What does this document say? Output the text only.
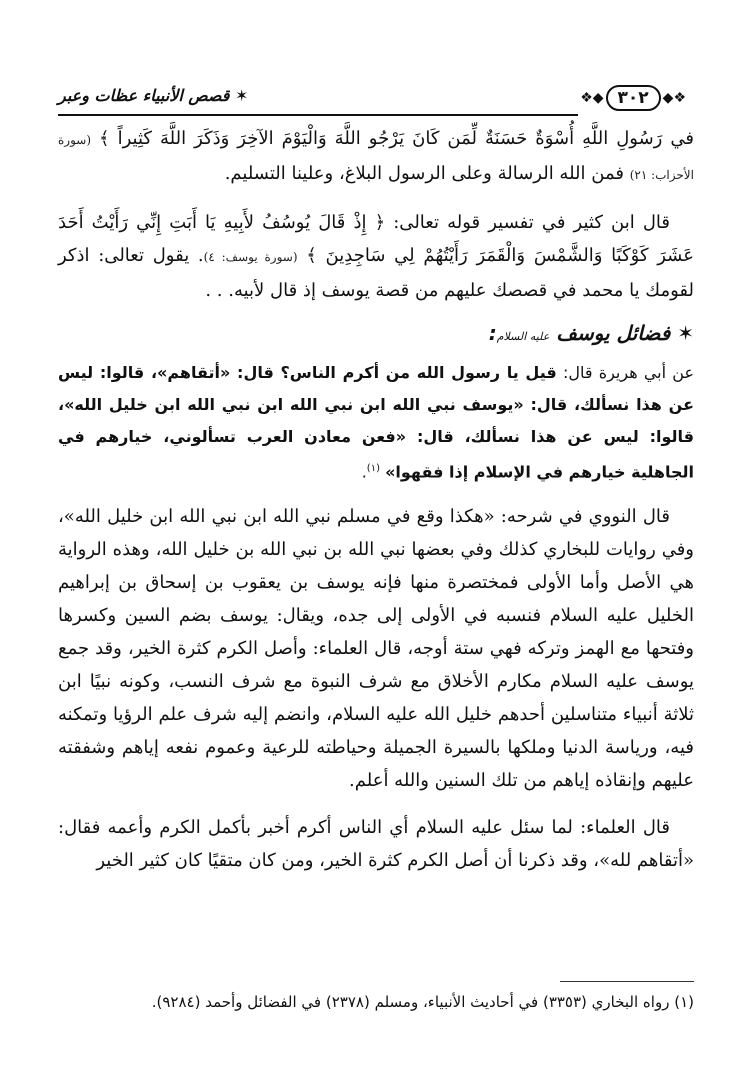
❖◆
٣٠٢
◆❖
✶ قصص الأنبياء عظات وعبر

في رَسُولِ اللَّهِ أُسْوَةٌ حَسَنَةٌ لِّمَن كَانَ يَرْجُو اللَّهَ وَالْيَوْمَ الآخِرَ وَذَكَرَ اللَّهَ كَثِيراً ﴾ (سورة الأحزاب: ٢١) فمن الله الرسالة وعلى الرسول البلاغ، وعلينا التسليم.

قال ابن كثير في تفسير قوله تعالى: ﴿ إِذْ قَالَ يُوسُفُ لأَبِيهِ يَا أَبَتِ إِنِّي رَأَيْتُ أَحَدَ عَشَرَ كَوْكَبًا وَالشَّمْسَ وَالْقَمَرَ رَأَيْتُهُمْ لِي سَاجِدِينَ ﴾ (سورة يوسف: ٤). يقول تعالى: اذكر لقومك يا محمد في قصصك عليهم من قصة يوسف إذ قال لأبيه. . .

✶ فضائل يوسف عليه السلام:

عن أبي هريرة قال: قيل يا رسول الله من أكرم الناس؟ قال: «أتقاهم»، قالوا: ليس عن هذا نسألك، قال: «يوسف نبي الله ابن نبي الله ابن نبي الله ابن خليل الله»، قالوا: ليس عن هذا نسألك، قال: «فعن معادن العرب تسألوني، خيارهم في الجاهلية خيارهم في الإسلام إذا فقهوا» $^{(١)}$.

قال النووي في شرحه: «هكذا وقع في مسلم نبي الله ابن نبي الله ابن خليل الله»، وفي روايات للبخاري كذلك وفي بعضها نبي الله بن نبي الله بن خليل الله، وهذه الرواية هي الأصل وأما الأولى فمختصرة منها فإنه يوسف بن يعقوب بن إسحاق بن إبراهيم الخليل عليه السلام فنسبه في الأولى إلى جده، ويقال: يوسف بضم السين وكسرها وفتحها مع الهمز وتركه فهي ستة أوجه، قال العلماء: وأصل الكرم كثرة الخير، وقد جمع يوسف عليه السلام مكارم الأخلاق مع شرف النبوة مع شرف النسب، وكونه نبيًا ابن ثلاثة أنبياء متناسلين أحدهم خليل الله عليه السلام، وانضم إليه شرف علم الرؤيا وتمكنه فيه، ورياسة الدنيا وملكها بالسيرة الجميلة وحياطته للرعية وعموم نفعه إياهم وشفقته عليهم وإنقاذه إياهم من تلك السنين والله أعلم.

قال العلماء: لما سئل عليه السلام أي الناس أكرم أخبر بأكمل الكرم وأعمه فقال: «أتقاهم لله»، وقد ذكرنا أن أصل الكرم كثرة الخير، ومن كان متقيًا كان كثير الخير

(١) رواه البخاري (٣٣٥٣) في أحاديث الأنبياء، ومسلم (٢٣٧٨) في الفضائل وأحمد (٩٢٨٤).
